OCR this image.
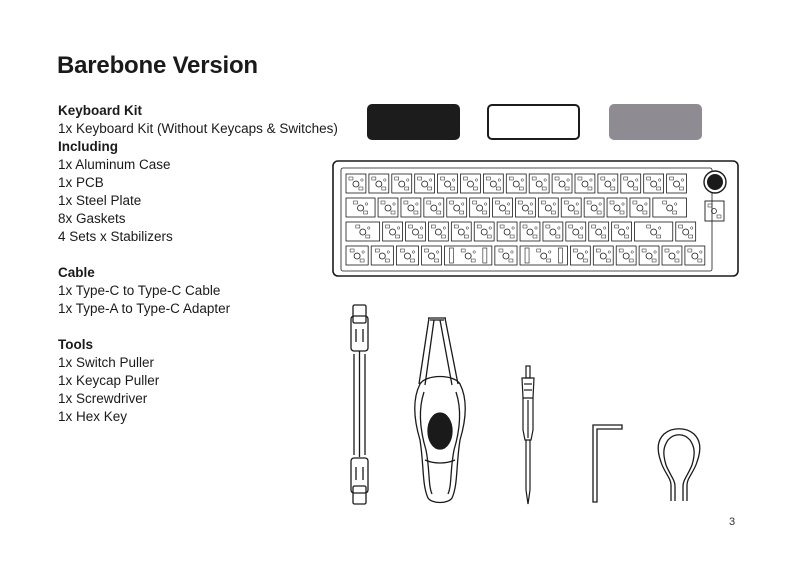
Barebone Version
Keyboard Kit
1x Keyboard Kit (Without Keycaps & Switches)
Including
1x Aluminum Case
1x PCB
1x Steel Plate
8x Gaskets
4 Sets x Stabilizers
Cable
1x Type-C to Type-C Cable
1x Type-A to Type-C Adapter
Tools
1x Switch Puller
1x Keycap Puller
1x Screwdriver
1x Hex Key
3
